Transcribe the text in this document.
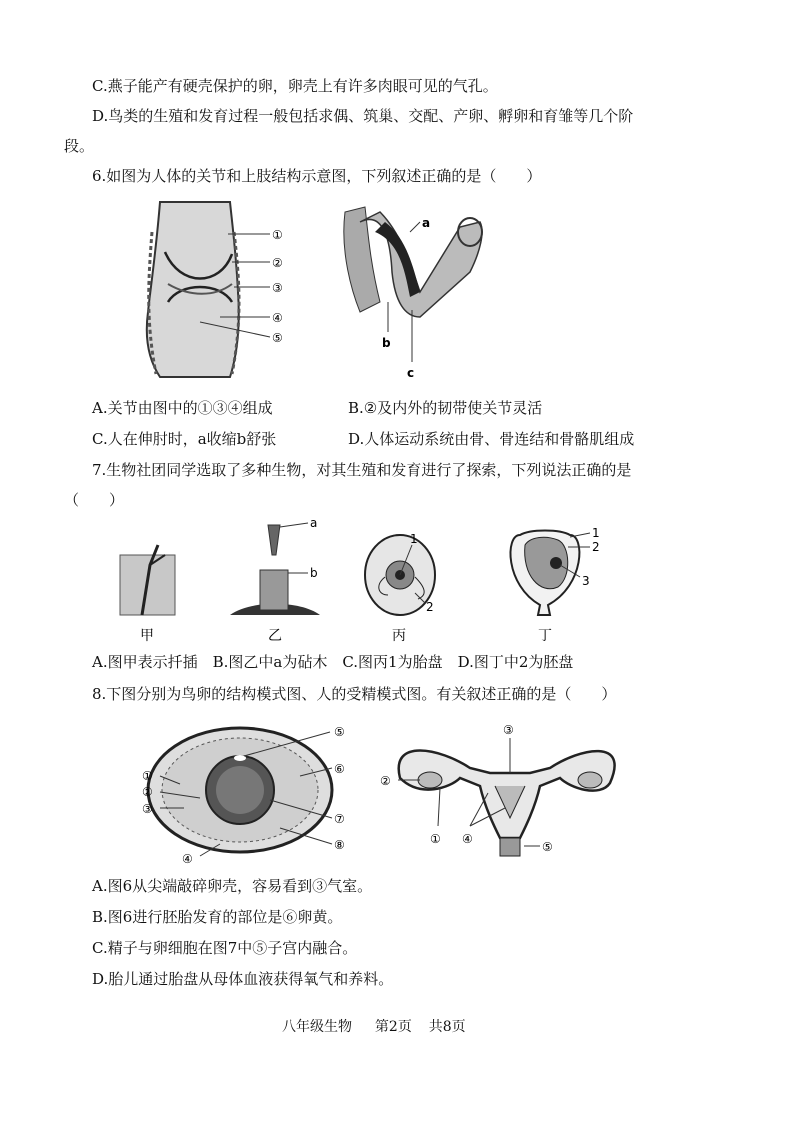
C.燕子能产有硬壳保护的卵，卵壳上有许多肉眼可见的气孔。
D.鸟类的生殖和发育过程一般包括求偶、筑巢、交配、产卵、孵卵和育雏等几个阶
段。
6.如图为人体的关节和上肢结构示意图，下列叙述正确的是（　　）
①
②
③
④
⑤
a
b
c
A.关节由图中的①③④组成	B.②及内外的韧带使关节灵活
C.人在伸肘时，a收缩b舒张	D.人体运动系统由骨、骨连结和骨骼肌组成
7.生物社团同学选取了多种生物，对其生殖和发育进行了探索，下列说法正确的是
（　　）
甲
a
b
乙
1
2
丙
1
2
3
丁
A.图甲表示扦插　B.图乙中a为砧木　C.图丙1为胎盘　D.图丁中2为胚盘
8.下图分别为鸟卵的结构模式图、人的受精模式图。有关叙述正确的是（　　）
①
②
③
④
⑤
⑥
⑦
⑧
③
②
① ④
⑤
A.图6从尖端敲碎卵壳，容易看到③气室。
B.图6进行胚胎发育的部位是⑥卵黄。
C.精子与卵细胞在图7中⑤子宫内融合。
D.胎儿通过胎盘从母体血液获得氧气和养料。
八年级生物 第2页 共8页
